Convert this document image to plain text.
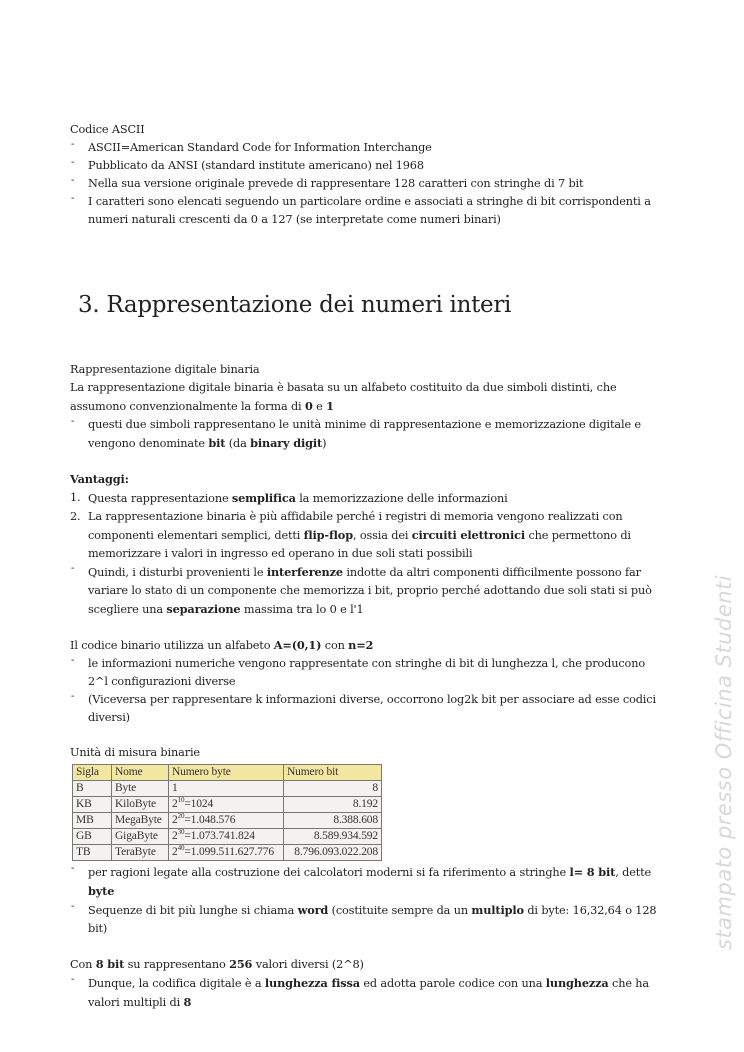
Codice ASCII
- ASCII=American Standard Code for Information Interchange
- Pubblicato da ANSI (standard institute americano) nel 1968
- Nella sua versione originale prevede di rappresentare 128 caratteri con stringhe di 7 bit
- I caratteri sono elencati seguendo un particolare ordine e associati a stringhe di bit corrispondenti a numeri naturali crescenti da 0 a 127 (se interpretate come numeri binari)
3. Rappresentazione dei numeri interi
Rappresentazione digitale binaria
La rappresentazione digitale binaria è basata su un alfabeto costituito da due simboli distinti, che assumono convenzionalmente la forma di 0 e 1
- questi due simboli rappresentano le unità minime di rappresentazione e memorizzazione digitale e vengono denominate bit (da binary digit)
Vantaggi:
1. Questa rappresentazione semplifica la memorizzazione delle informazioni
2. La rappresentazione binaria è più affidabile perché i registri di memoria vengono realizzati con componenti elementari semplici, detti flip-flop, ossia dei circuiti elettronici che permettono di memorizzare i valori in ingresso ed operano in due soli stati possibili
- Quindi, i disturbi provenienti le interferenze indotte da altri componenti difficilmente possono far variare lo stato di un componente che memorizza i bit, proprio perché adottando due soli stati si può scegliere una separazione massima tra lo 0 e l'1
Il codice binario utilizza un alfabeto A=(0,1) con n=2
- le informazioni numeriche vengono rappresentate con stringhe di bit di lunghezza l, che producono 2^l configurazioni diverse
- (Viceversa per rappresentare k informazioni diverse, occorrono log2k bit per associare ad esse codici diversi)
Unità di misura binarie
Sigla	Nome	Numero byte	Numero bit
B	Byte	1	8
KB	KiloByte	$2^{10}=1024$	8.192
MB	MegaByte	$2^{20}=1.048.576$	8.388.608
GB	GigaByte	$2^{30}=1.073.741.824$	8.589.934.592
TB	TeraByte	$2^{40}=1.099.511.627.776$	8.796.093.022.208
- per ragioni legate alla costruzione dei calcolatori moderni si fa riferimento a stringhe l= 8 bit, dette byte
- Sequenze di bit più lunghe si chiama word (costituite sempre da un multiplo di byte: 16,32,64 o 128 bit)
Con 8 bit su rappresentano 256 valori diversi (2^8)
- Dunque, la codifica digitale è a lunghezza fissa ed adotta parole codice con una lunghezza che ha valori multipli di 8
stampato presso Officina Studenti
